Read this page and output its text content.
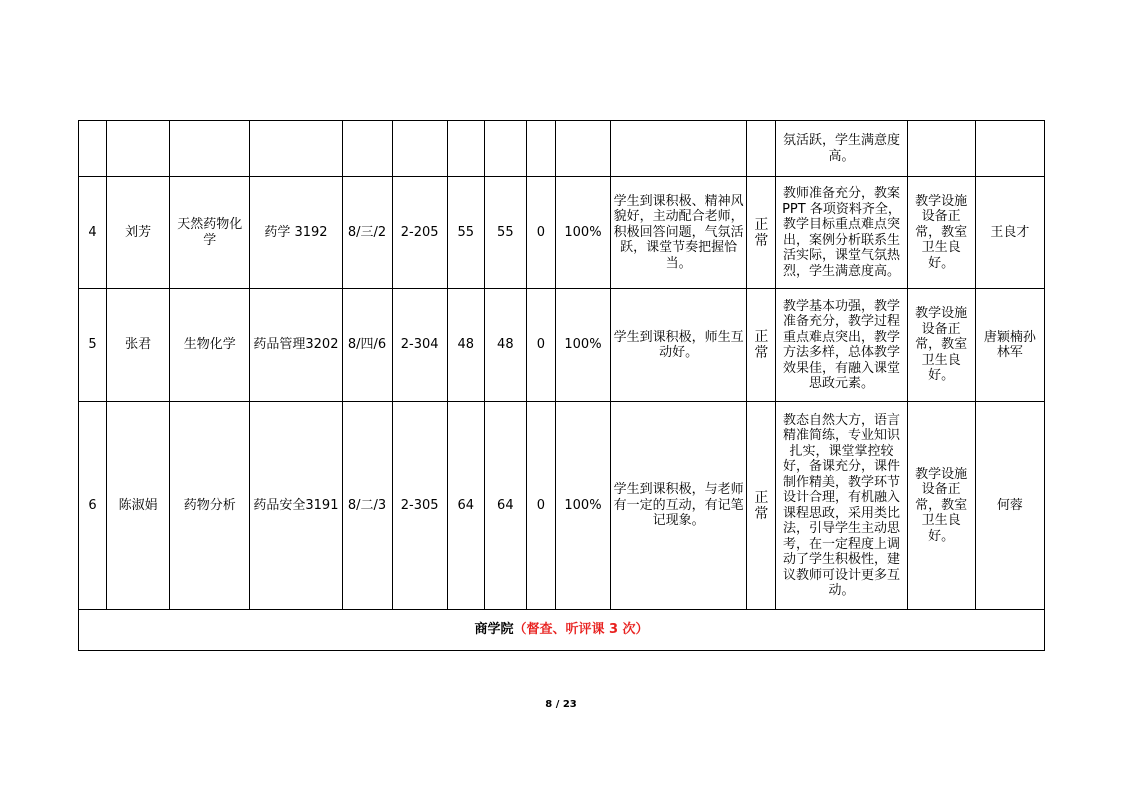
												氛活跃，学生满意度高。		
4	刘芳	天然药物化学	药学 3192	8/三/2	2-205	55	55	0	100%	学生到课积极、精神风貌好，主动配合老师，积极回答问题，气氛活跃，课堂节奏把握恰当。	正常	教师准备充分，教案 PPT 各项资料齐全，教学目标重点难点突出，案例分析联系生活实际，课堂气氛热烈，学生满意度高。	教学设施设备正常，教室卫生良好。	王良才
5	张君	生物化学	药品管理3202	8/四/6	2-304	48	48	0	100%	学生到课积极，师生互动好。	正常	教学基本功强，教学准备充分，教学过程重点难点突出，教学方法多样，总体教学效果佳，有融入课堂思政元素。	教学设施设备正常，教室卫生良好。	唐颖楠孙林军
6	陈淑娟	药物分析	药品安全3191	8/二/3	2-305	64	64	0	100%	学生到课积极，与老师有一定的互动，有记笔记现象。	正常	教态自然大方，语言精准简练，专业知识扎实，课堂掌控较好，备课充分，课件制作精美，教学环节设计合理，有机融入课程思政，采用类比法，引导学生主动思考，在一定程度上调动了学生积极性，建议教师可设计更多互动。	教学设施设备正常，教室卫生良好。	何蓉
商学院（督查、听评课 3 次）														
8 / 23
